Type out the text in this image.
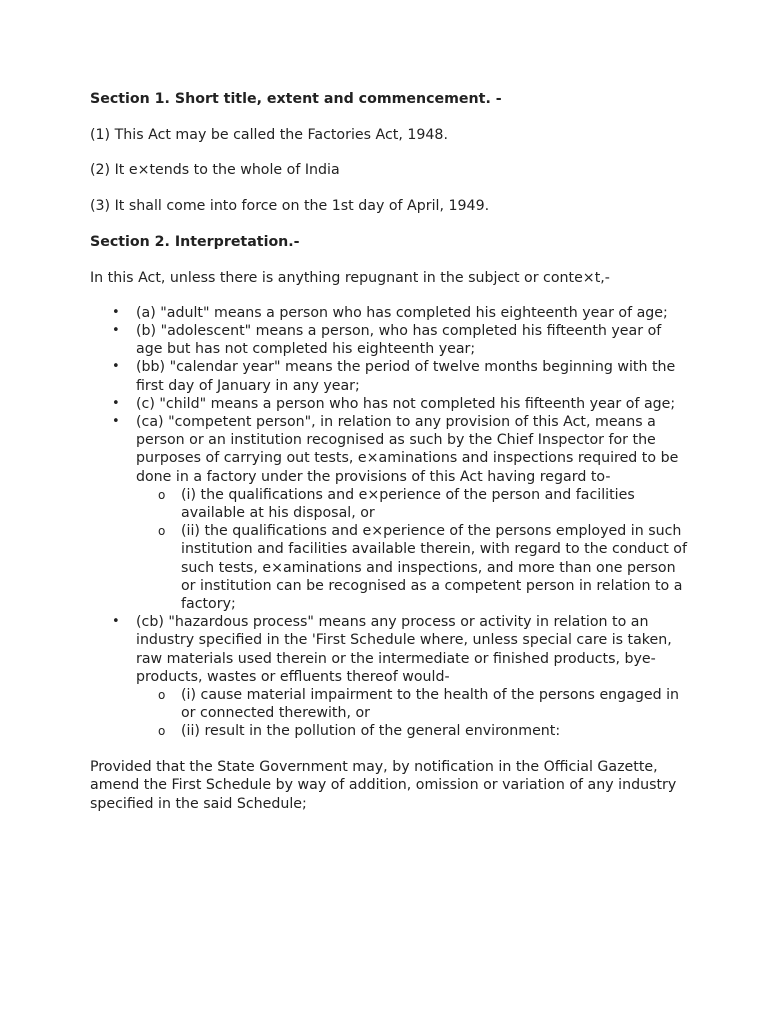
Section 1. Short title, extent and commencement. -

(1) This Act may be called the Factories Act, 1948.

(2) It e×tends to the whole of India

(3) It shall come into force on the 1st day of April, 1949.

Section 2. Interpretation.-

In this Act, unless there is anything repugnant in the subject or conte×t,-

• (a) "adult" means a person who has completed his eighteenth year of age;
• (b) "adolescent" means a person, who has completed his fifteenth year of age but has not completed his eighteenth year;
• (bb) "calendar year" means the period of twelve months beginning with the first day of January in any year;
• (c) "child" means a person who has not completed his fifteenth year of age;
• (ca) "competent person", in relation to any provision of this Act, means a person or an institution recognised as such by the Chief Inspector for the purposes of carrying out tests, e×aminations and inspections required to be done in a factory under the provisions of this Act having regard to-
o (i) the qualifications and e×perience of the person and facilities available at his disposal, or
o (ii) the qualifications and e×perience of the persons employed in such institution and facilities available therein, with regard to the conduct of such tests, e×aminations and inspections, and more than one person or institution can be recognised as a competent person in relation to a factory;
• (cb) "hazardous process" means any process or activity in relation to an industry specified in the 'First Schedule where, unless special care is taken, raw materials used therein or the intermediate or finished products, bye-products, wastes or effluents thereof would-
o (i) cause material impairment to the health of the persons engaged in or connected therewith, or
o (ii) result in the pollution of the general environment:

Provided that the State Government may, by notification in the Official Gazette, amend the First Schedule by way of addition, omission or variation of any industry specified in the said Schedule;
